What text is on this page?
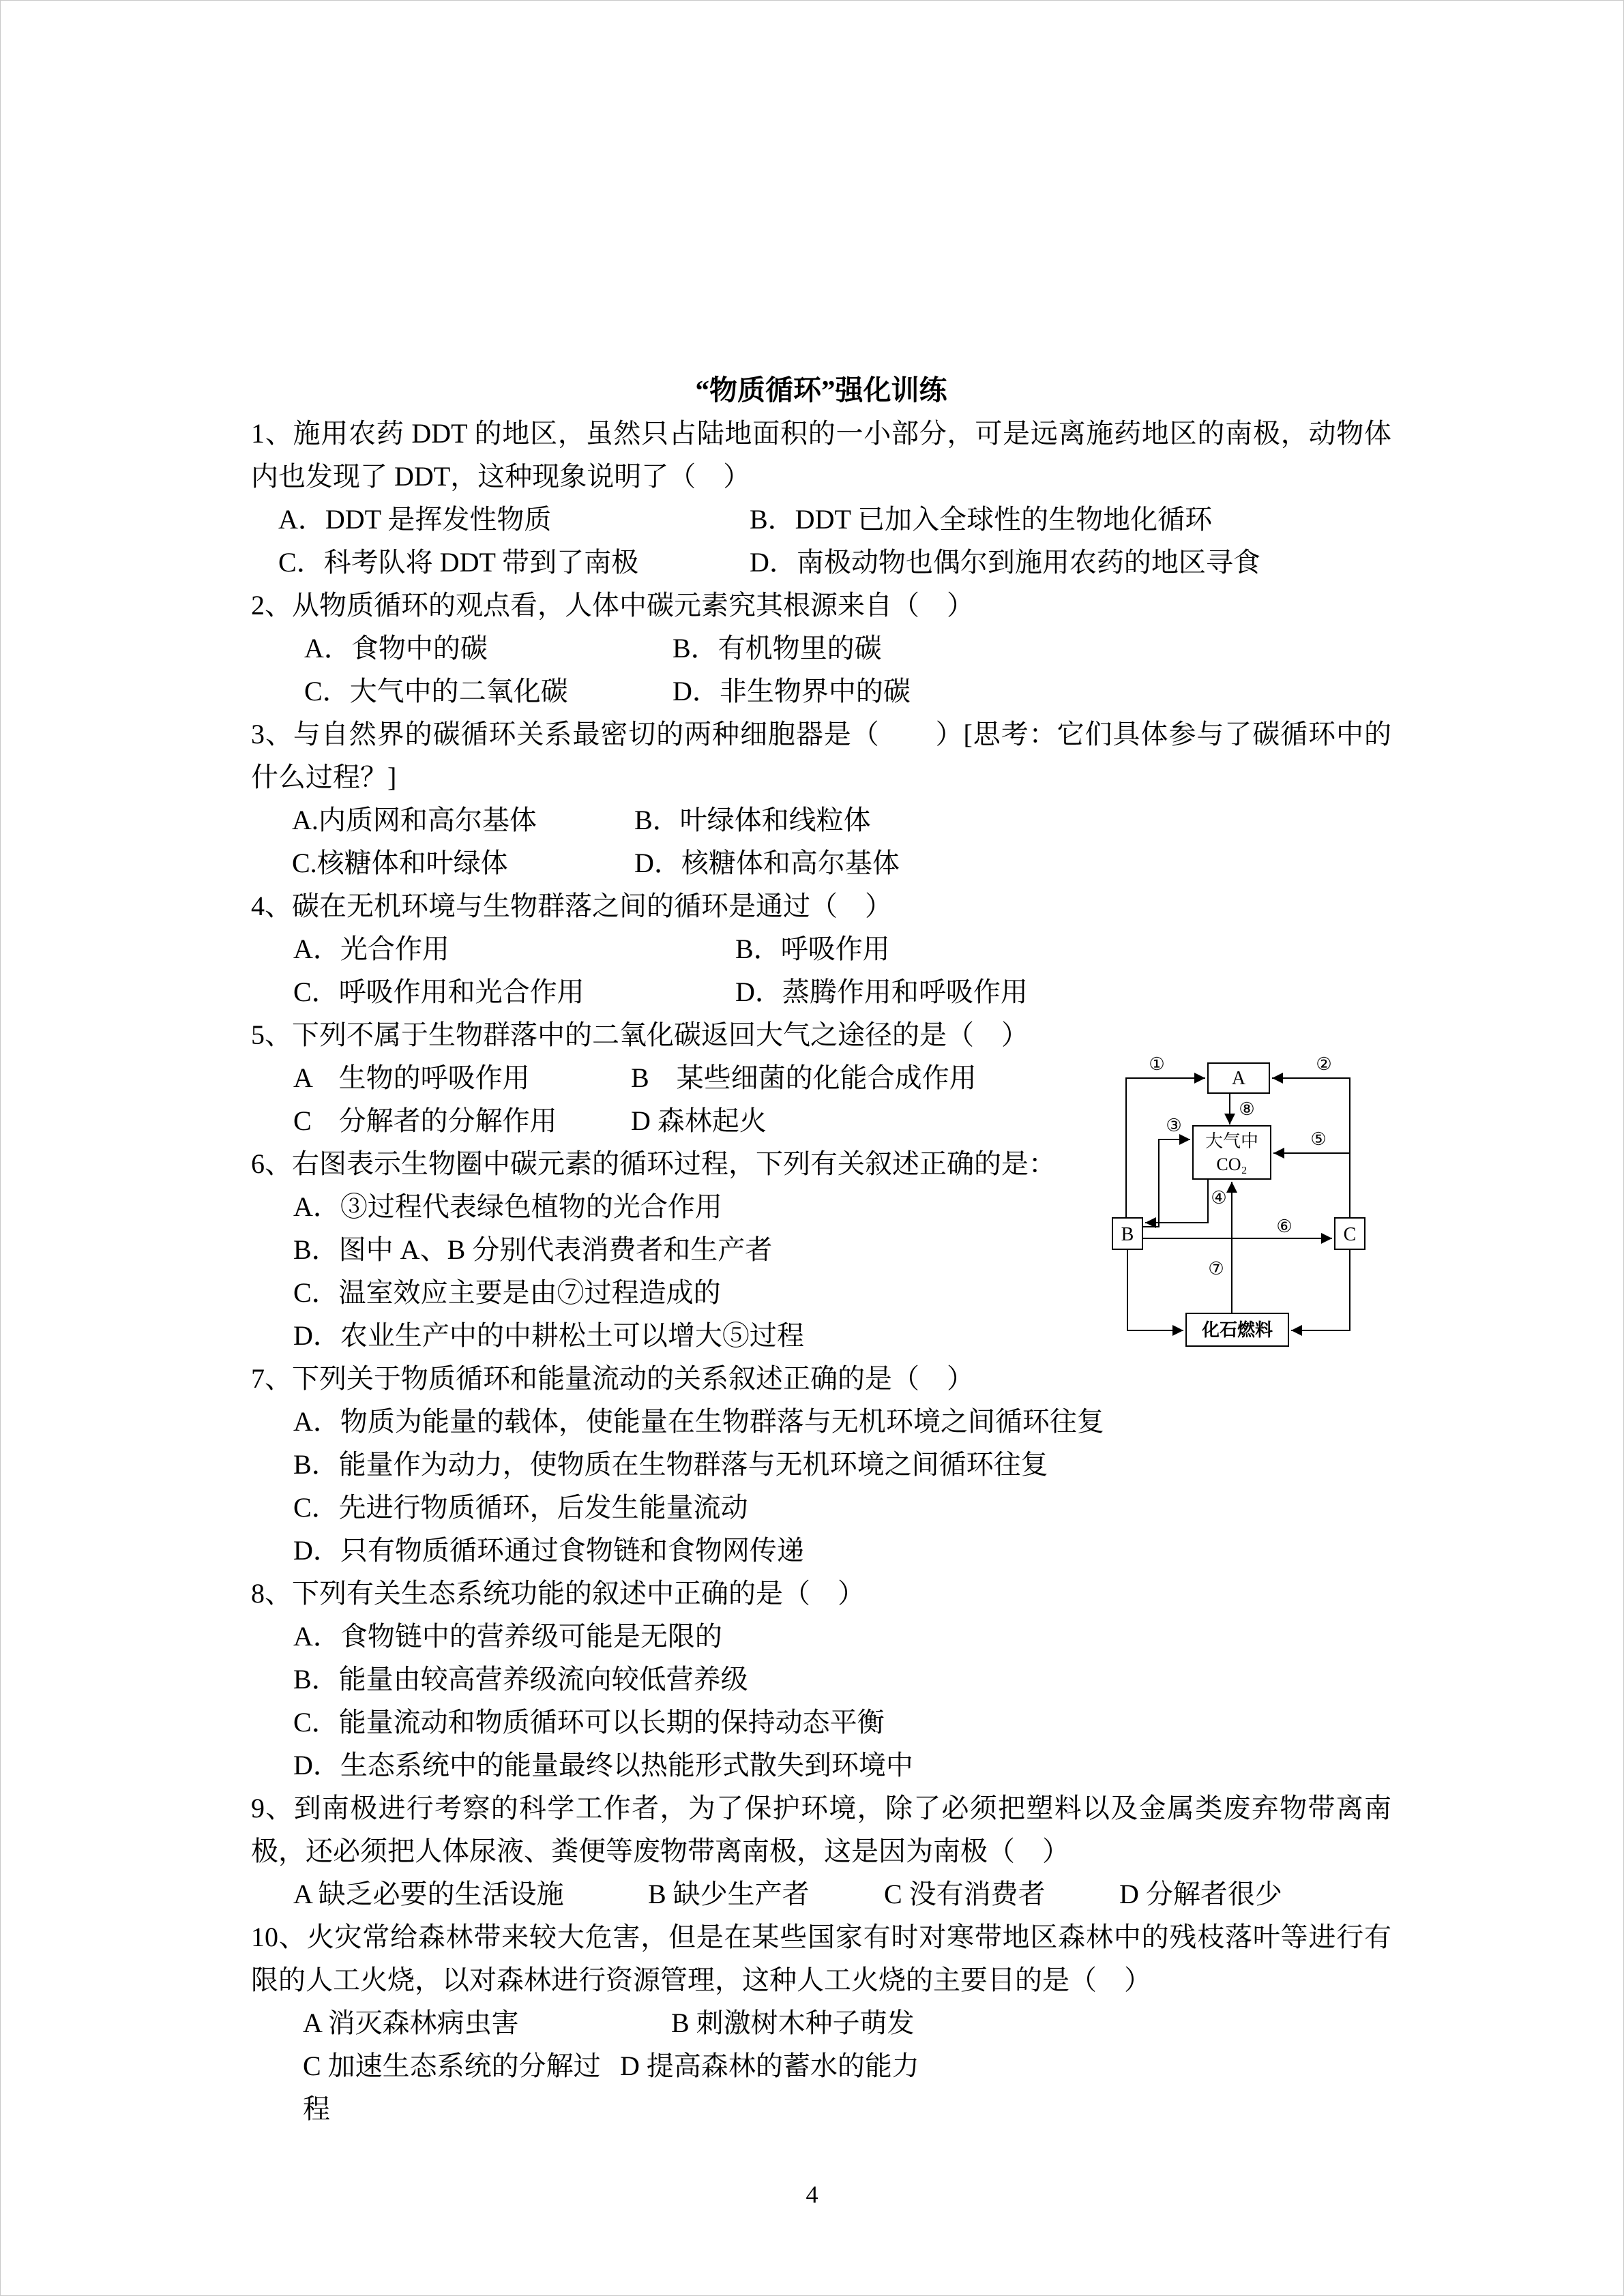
“物质循环”强化训练
1、施用农药 DDT 的地区，虽然只占陆地面积的一小部分，可是远离施药地区的南极，动物体内也发现了 DDT，这种现象说明了（　）
A．DDT 是挥发性物质	B．DDT 已加入全球性的生物地化循环
C．科考队将 DDT 带到了南极	D．南极动物也偶尔到施用农药的地区寻食
2、从物质循环的观点看，人体中碳元素究其根源来自（　）
A．食物中的碳	B．有机物里的碳
C．大气中的二氧化碳	D．非生物界中的碳
3、与自然界的碳循环关系最密切的两种细胞器是（　　）[思考：它们具体参与了碳循环中的什么过程？]
A.内质网和高尔基体	B．叶绿体和线粒体
C.核糖体和叶绿体	D．核糖体和高尔基体
4、碳在无机环境与生物群落之间的循环是通过（　）
A．光合作用	B．呼吸作用
C．呼吸作用和光合作用	D．蒸腾作用和呼吸作用
5、下列不属于生物群落中的二氧化碳返回大气之途径的是（　）
A　生物的呼吸作用	B　某些细菌的化能合成作用
C　分解者的分解作用	D 森林起火
6、右图表示生物圈中碳元素的循环过程，下列有关叙述正确的是：
A．③过程代表绿色植物的光合作用
B．图中 A、B 分别代表消费者和生产者
C．温室效应主要是由⑦过程造成的
D．农业生产中的中耕松土可以增大⑤过程
7、下列关于物质循环和能量流动的关系叙述正确的是（　）
A．物质为能量的载体，使能量在生物群落与无机环境之间循环往复
B．能量作为动力，使物质在生物群落与无机环境之间循环往复
C．先进行物质循环，后发生能量流动
D．只有物质循环通过食物链和食物网传递
8、下列有关生态系统功能的叙述中正确的是（　）
A．食物链中的营养级可能是无限的
B．能量由较高营养级流向较低营养级
C．能量流动和物质循环可以长期的保持动态平衡
D．生态系统中的能量最终以热能形式散失到环境中
9、到南极进行考察的科学工作者，为了保护环境，除了必须把塑料以及金属类废弃物带离南极，还必须把人体尿液、粪便等废物带离南极，这是因为南极（　）
A 缺乏必要的生活设施	B 缺少生产者	C 没有消费者	D 分解者很少
10、火灾常给森林带来较大危害，但是在某些国家有时对寒带地区森林中的残枝落叶等进行有限的人工火烧，以对森林进行资源管理，这种人工火烧的主要目的是（　）
A 消灭森林病虫害	B 刺激树木种子萌发
C 加速生态系统的分解过程
D 提高森林的蓄水的能力
A
大气中
CO₂
B	C
化石燃料
①	②
③
④
⑤
⑥
⑦
⑧
4
